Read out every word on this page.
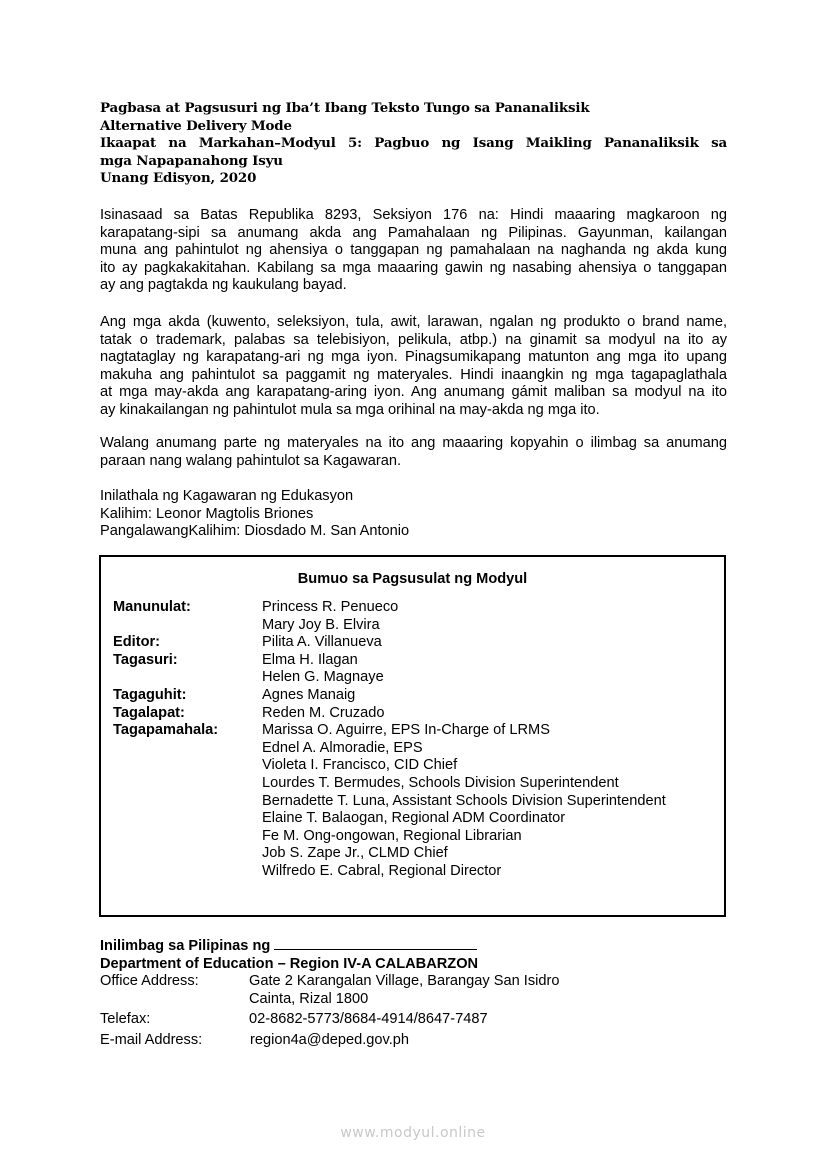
Pagbasa at Pagsusuri ng Iba’t Ibang Teksto Tungo sa Pananaliksik
Alternative Delivery Mode
Ikaapat na Markahan–Modyul 5: Pagbuo ng Isang Maikling Pananaliksik sa
mga Napapanahong Isyu
Unang Edisyon, 2020
Isinasaad sa Batas Republika 8293, Seksiyon 176 na: Hindi maaaring magkaroon ng
karapatang-sipi sa anumang akda ang Pamahalaan ng Pilipinas. Gayunman, kailangan
muna ang pahintulot ng ahensiya o tanggapan ng pamahalaan na naghanda ng akda kung
ito ay pagkakakitahan. Kabilang sa mga maaaring gawin ng nasabing ahensiya o tanggapan
ay ang pagtakda ng kaukulang bayad.
Ang mga akda (kuwento, seleksiyon, tula, awit, larawan, ngalan ng produkto o brand name,
tatak o trademark, palabas sa telebisiyon, pelikula, atbp.) na ginamit sa modyul na ito ay
nagtataglay ng karapatang-ari ng mga iyon. Pinagsumikapang matunton ang mga ito upang
makuha ang pahintulot sa paggamit ng materyales. Hindi inaangkin ng mga tagapaglathala
at mga may-akda ang karapatang-aring iyon. Ang anumang gámit maliban sa modyul na ito
ay kinakailangan ng pahintulot mula sa mga orihinal na may-akda ng mga ito.
Walang anumang parte ng materyales na ito ang maaaring kopyahin o ilimbag sa anumang
paraan nang walang pahintulot sa Kagawaran.
Inilathala ng Kagawaran ng Edukasyon
Kalihim: Leonor Magtolis Briones
PangalawangKalihim: Diosdado M. San Antonio
Bumuo sa Pagsusulat ng Modyul
Manunulat:	Princess R. Penueco
Mary Joy B. Elvira
Editor:	Pilita A. Villanueva
Tagasuri:	Elma H. Ilagan
Helen G. Magnaye
Tagaguhit:	Agnes Manaig
Tagalapat:	Reden M. Cruzado
Tagapamahala:	Marissa O. Aguirre, EPS In-Charge of LRMS
Ednel A. Almoradie, EPS
Violeta I. Francisco, CID Chief
Lourdes T. Bermudes, Schools Division Superintendent
Bernadette T. Luna, Assistant Schools Division Superintendent
Elaine T. Balaogan, Regional ADM Coordinator
Fe M. Ong-ongowan, Regional Librarian
Job S. Zape Jr., CLMD Chief
Wilfredo E. Cabral, Regional Director
Inilimbag sa Pilipinas ng
Department of Education – Region IV-A CALABARZON
Office Address:	Gate 2 Karangalan Village, Barangay San Isidro
Cainta, Rizal 1800
Telefax:	02-8682-5773/8684-4914/8647-7487
E-mail Address:	region4a@deped.gov.ph
www.modyul.online
